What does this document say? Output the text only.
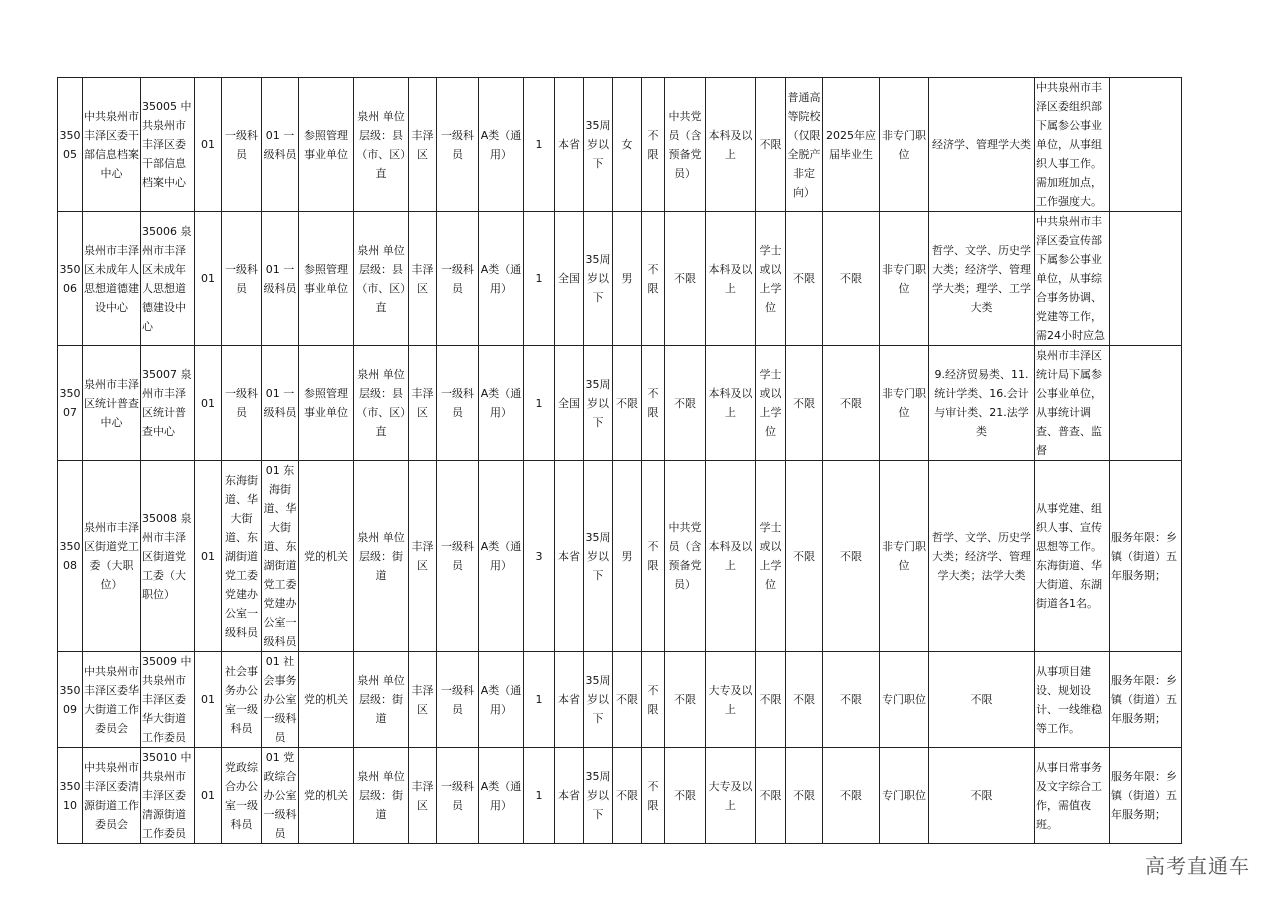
35005	中共泉州市丰泽区委干部信息档案中心	35005 中共泉州市丰泽区委干部信息档案中心	01	一级科员	01 一级科员	参照管理事业单位	泉州 单位层级：县（市、区）直	丰泽区	一级科员	A类（通用）	1	本省	35周岁以下	女	不限	中共党员（含预备党员）	本科及以上	不限	普通高等院校（仅限全脱产非定向）	2025年应届毕业生	非专门职位	经济学、管理学大类	中共泉州市丰泽区委组织部下属参公事业单位，从事组织人事工作。需加班加点，工作强度大。	
35006	泉州市丰泽区未成年人思想道德建设中心	35006 泉州市丰泽区未成年人思想道德建设中心	01	一级科员	01 一级科员	参照管理事业单位	泉州 单位层级：县（市、区）直	丰泽区	一级科员	A类（通用）	1	全国	35周岁以下	男	不限	不限	本科及以上	学士或以上学位	不限	不限	非专门职位	哲学、文学、历史学大类；经济学、管理学大类；理学、工学大类	中共泉州市丰泽区委宣传部下属参公事业单位，从事综合事务协调、党建等工作，需24小时应急	
35007	泉州市丰泽区统计普查中心	35007 泉州市丰泽区统计普查中心	01	一级科员	01 一级科员	参照管理事业单位	泉州 单位层级：县（市、区）直	丰泽区	一级科员	A类（通用）	1	全国	35周岁以下	不限	不限	不限	本科及以上	学士或以上学位	不限	不限	非专门职位	9.经济贸易类、11.统计学类、16.会计与审计类、21.法学类	泉州市丰泽区统计局下属参公事业单位，从事统计调查、普查、监督	
35008	泉州市丰泽区街道党工委（大职位）	35008 泉州市丰泽区街道党工委（大职位）	01	东海街道、华大街道、东湖街道党工委党建办公室一级科员	01 东海街道、华大街道、东湖街道党工委党建办公室一级科员	党的机关	泉州 单位层级：街道	丰泽区	一级科员	A类（通用）	3	本省	35周岁以下	男	不限	中共党员（含预备党员）	本科及以上	学士或以上学位	不限	不限	非专门职位	哲学、文学、历史学大类；经济学、管理学大类；法学大类	从事党建、组织人事、宣传思想等工作。东海街道、华大街道、东湖街道各1名。	服务年限：乡镇（街道）五年服务期；
35009	中共泉州市丰泽区委华大街道工作委员会	35009 中共泉州市丰泽区委华大街道工作委员	01	社会事务办公室一级科员	01 社会事务办公室一级科员	党的机关	泉州 单位层级：街道	丰泽区	一级科员	A类（通用）	1	本省	35周岁以下	不限	不限	不限	大专及以上	不限	不限	不限	专门职位	不限	从事项目建设、规划设计、一线维稳等工作。	服务年限：乡镇（街道）五年服务期；
35010	中共泉州市丰泽区委清源街道工作委员会	35010 中共泉州市丰泽区委清源街道工作委员	01	党政综合办公室一级科员	01 党政综合办公室一级科员	党的机关	泉州 单位层级：街道	丰泽区	一级科员	A类（通用）	1	本省	35周岁以下	不限	不限	不限	大专及以上	不限	不限	不限	专门职位	不限	从事日常事务及文字综合工作，需值夜班。	服务年限：乡镇（街道）五年服务期；
高考直通车
